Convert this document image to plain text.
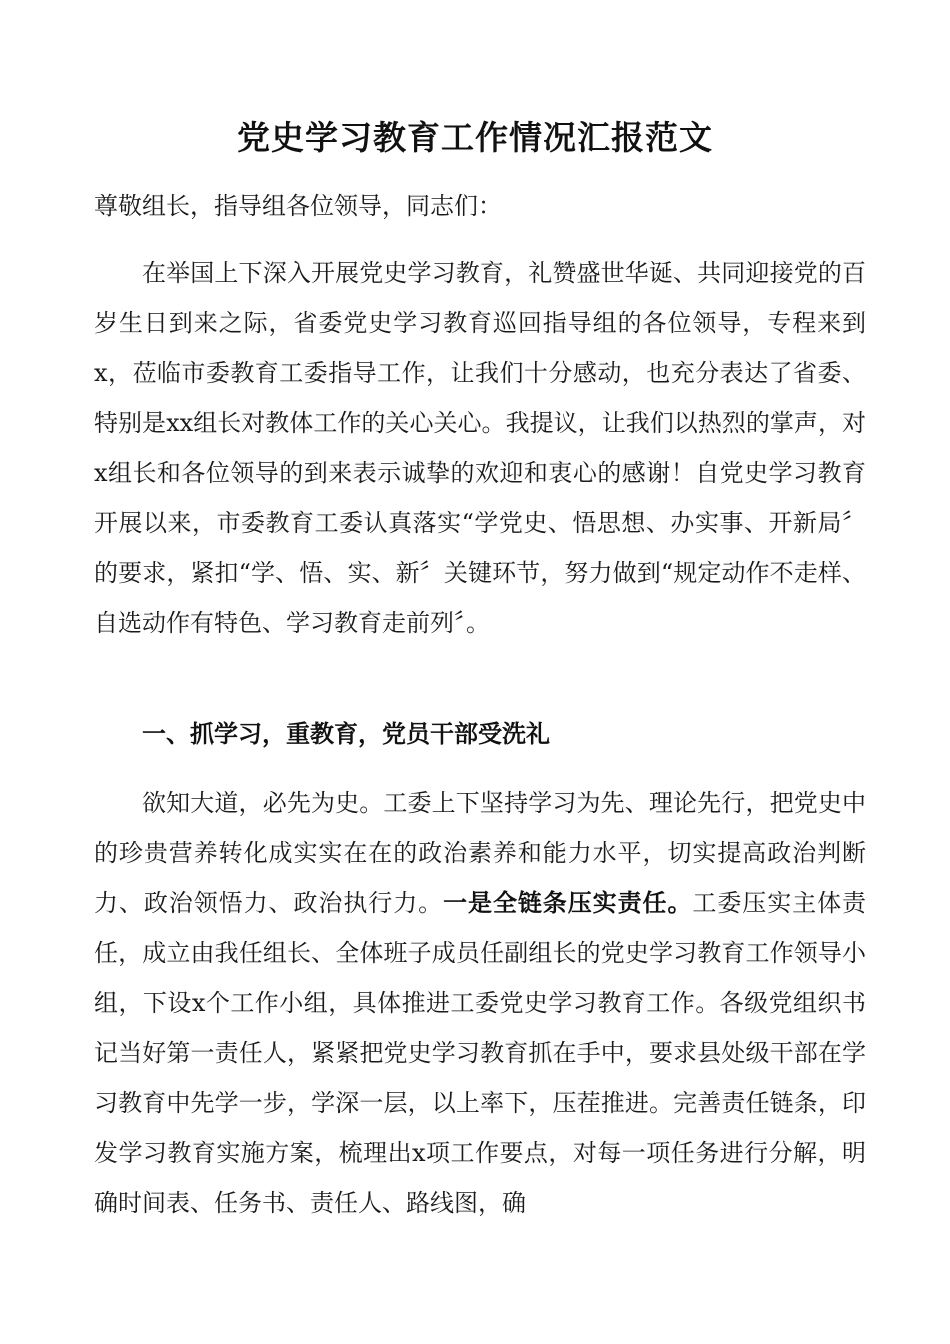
党史学习教育工作情况汇报范文
尊敬组长，指导组各位领导，同志们：
在举国上下深入开展党史学习教育，礼赞盛世华诞、共同迎接党的百岁生日到来之际，省委党史学习教育巡回指导组的各位领导，专程来到x，莅临市委教育工委指导工作，让我们十分感动，也充分表达了省委、特别是xx组长对教体工作的关心关心。我提议，让我们以热烈的掌声，对x组长和各位领导的到来表示诚挚的欢迎和衷心的感谢！自党史学习教育开展以来，市委教育工委认真落实“学党史、悟思想、办实事、开新局〞的要求，紧扣“学、悟、实、新〞关键环节，努力做到“规定动作不走样、自选动作有特色、学习教育走前列〞。
一、抓学习，重教育，党员干部受洗礼
欲知大道，必先为史。工委上下坚持学习为先、理论先行，把党史中的珍贵营养转化成实实在在的政治素养和能力水平，切实提高政治判断力、政治领悟力、政治执行力。一是全链条压实责任。工委压实主体责任，成立由我任组长、全体班子成员任副组长的党史学习教育工作领导小组，下设x个工作小组，具体推进工委党史学习教育工作。各级党组织书记当好第一责任人，紧紧把党史学习教育抓在手中，要求县处级干部在学习教育中先学一步，学深一层，以上率下，压茬推进。完善责任链条，印发学习教育实施方案，梳理出x项工作要点，对每一项任务进行分解，明确时间表、任务书、责任人、路线图，确
